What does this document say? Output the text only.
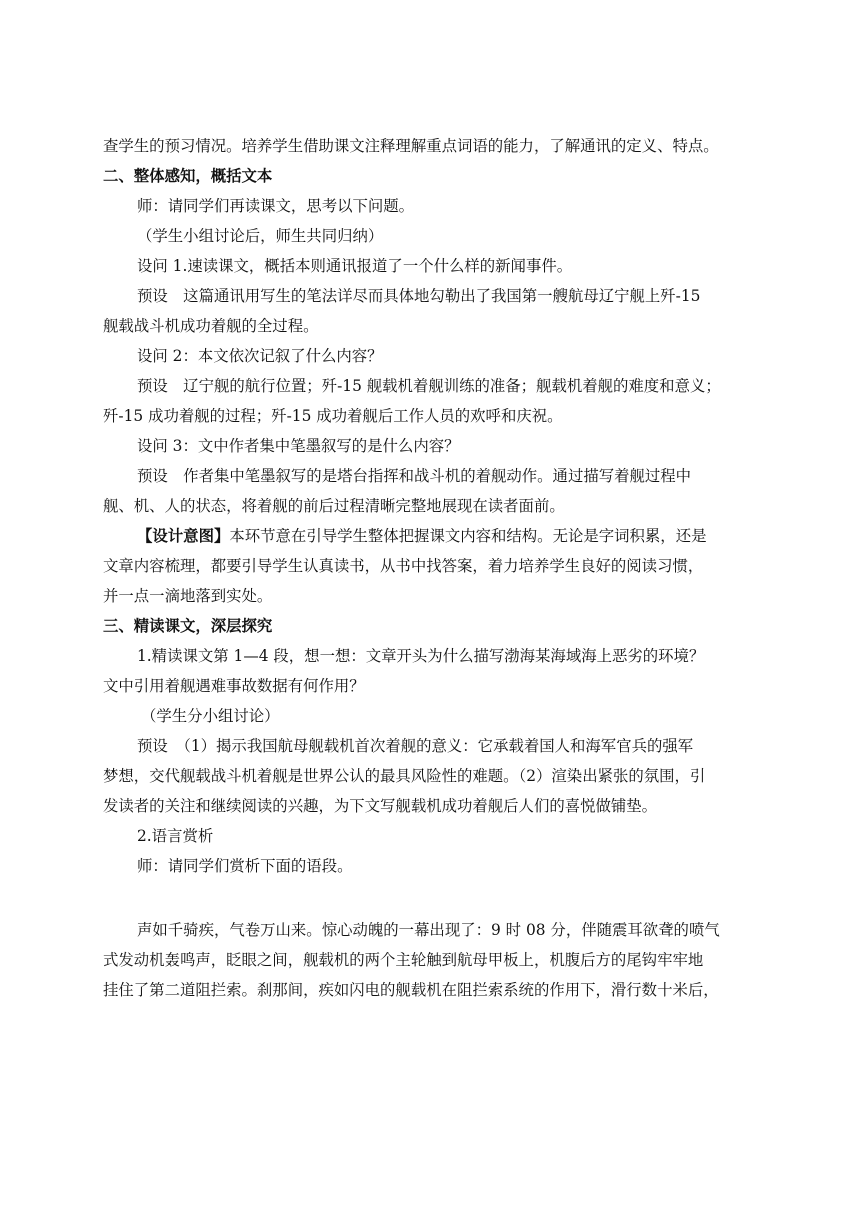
查学生的预习情况。培养学生借助课文注释理解重点词语的能力，了解通讯的定义、特点。
二、整体感知，概括文本
师：请同学们再读课文，思考以下问题。
（学生小组讨论后，师生共同归纳）
设问 1.速读课文，概括本则通讯报道了一个什么样的新闻事件。
预设　这篇通讯用写生的笔法详尽而具体地勾勒出了我国第一艘航母辽宁舰上歼-15
舰载战斗机成功着舰的全过程。
设问 2：本文依次记叙了什么内容？
预设　辽宁舰的航行位置；歼-15 舰载机着舰训练的准备；舰载机着舰的难度和意义；
歼-15 成功着舰的过程；歼-15 成功着舰后工作人员的欢呼和庆祝。
设问 3：文中作者集中笔墨叙写的是什么内容？
预设　作者集中笔墨叙写的是塔台指挥和战斗机的着舰动作。通过描写着舰过程中
舰、机、人的状态，将着舰的前后过程清晰完整地展现在读者面前。
【设计意图】本环节意在引导学生整体把握课文内容和结构。无论是字词积累，还是
文章内容梳理，都要引导学生认真读书，从书中找答案，着力培养学生良好的阅读习惯，
并一点一滴地落到实处。
三、精读课文，深层探究
1.精读课文第 1—4 段，想一想：文章开头为什么描写渤海某海域海上恶劣的环境？
文中引用着舰遇难事故数据有何作用？
（学生分小组讨论）
预设　（1）揭示我国航母舰载机首次着舰的意义：它承载着国人和海军官兵的强军
梦想，交代舰载战斗机着舰是世界公认的最具风险性的难题。（2）渲染出紧张的氛围，引
发读者的关注和继续阅读的兴趣，为下文写舰载机成功着舰后人们的喜悦做铺垫。
2.语言赏析
师：请同学们赏析下面的语段。
声如千骑疾，气卷万山来。惊心动魄的一幕出现了：9 时 08 分，伴随震耳欲聋的喷气
式发动机轰鸣声，眨眼之间，舰载机的两个主轮触到航母甲板上，机腹后方的尾钩牢牢地
挂住了第二道阻拦索。刹那间，疾如闪电的舰载机在阻拦索系统的作用下，滑行数十米后，
